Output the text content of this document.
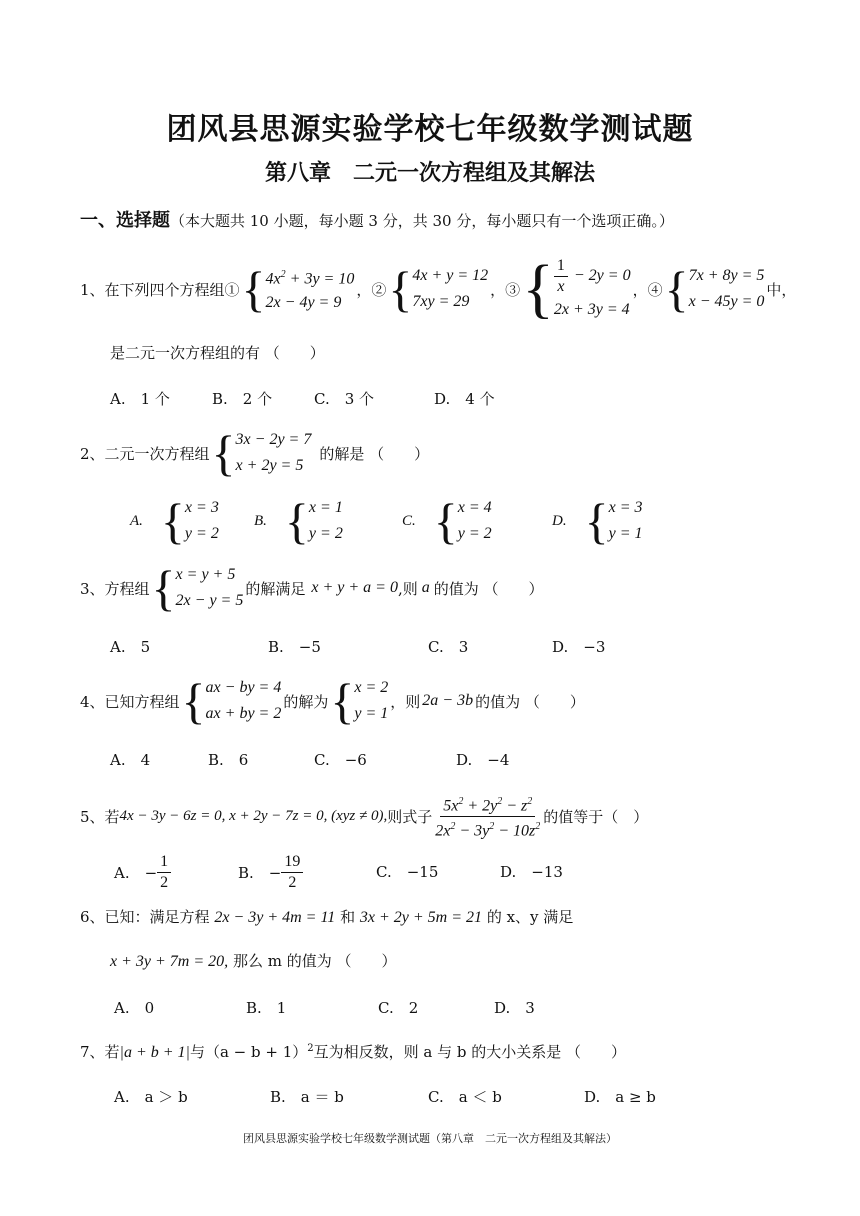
团风县思源实验学校七年级数学测试题
第八章　二元一次方程组及其解法
一、选择题（本大题共 10 小题，每小题 3 分，共 30 分，每小题只有一个选项正确。）
1、在下列四个方程组① { $4x^2 + 3y = 10$
2x − 4y = 9
，② { 4x + y = 12
7xy = 29
，③ { $\frac{1}{x} - 2y = 0$
2x + 3y = 4
，④ { 7x + 8y = 5
x − 45y = 0
中，
是二元一次方程组的有 （　　）
A.　1 个	B.　2 个	C.　3 个	D.　4 个
2、二元一次方程组 { 3x − 2y = 7
x + 2y = 5
的解是 （　　）
A. { x = 3
y = 2
B. { x = 1
y = 2
C. { x = 4
y = 2
D. { x = 3
y = 1
3、方程组 { x = y + 5
2x − y = 5
的解满足 x + y + a = 0 ,则 a 的值为 （　　）
A.　5	B.　−5	C.　3	D.　−3
4、已知方程组 { ax − by = 4
ax + by = 2
的解为 { x = 2
y = 1
，则 2a − 3b 的值为 （　　）
A.　4	B.　6	C.　−6	D.　−4
5、若 4x − 3y − 6z = 0, x + 2y − 7z = 0, (xyz ≠ 0), 则式子 $\frac{5x^2 + 2y^2 - z^2}{2x^2 - 3y^2 - 10z^2}$ 的值等于（　）
A.　− $\frac{1}{2}$	B.　− $\frac{19}{2}$	C.　−15	D.　−13
6、已知：满足方程 2x − 3y + 4m = 11 和 3x + 2y + 5m = 21 的 x、y 满足
x + 3y + 7m = 20, 那么 m 的值为 （　　）
A.　0	B.　1	C.　2	D.　3
7、若|a + b + 1|与$(a - b + 1)^2$互为相反数，则 a 与 b 的大小关系是 （　　）
A.　a ＞ b	B.　a ＝ b	C.　a ＜ b	D.　a ≥ b
团风县思源实验学校七年级数学测试题（第八章　二元一次方程组及其解法）
